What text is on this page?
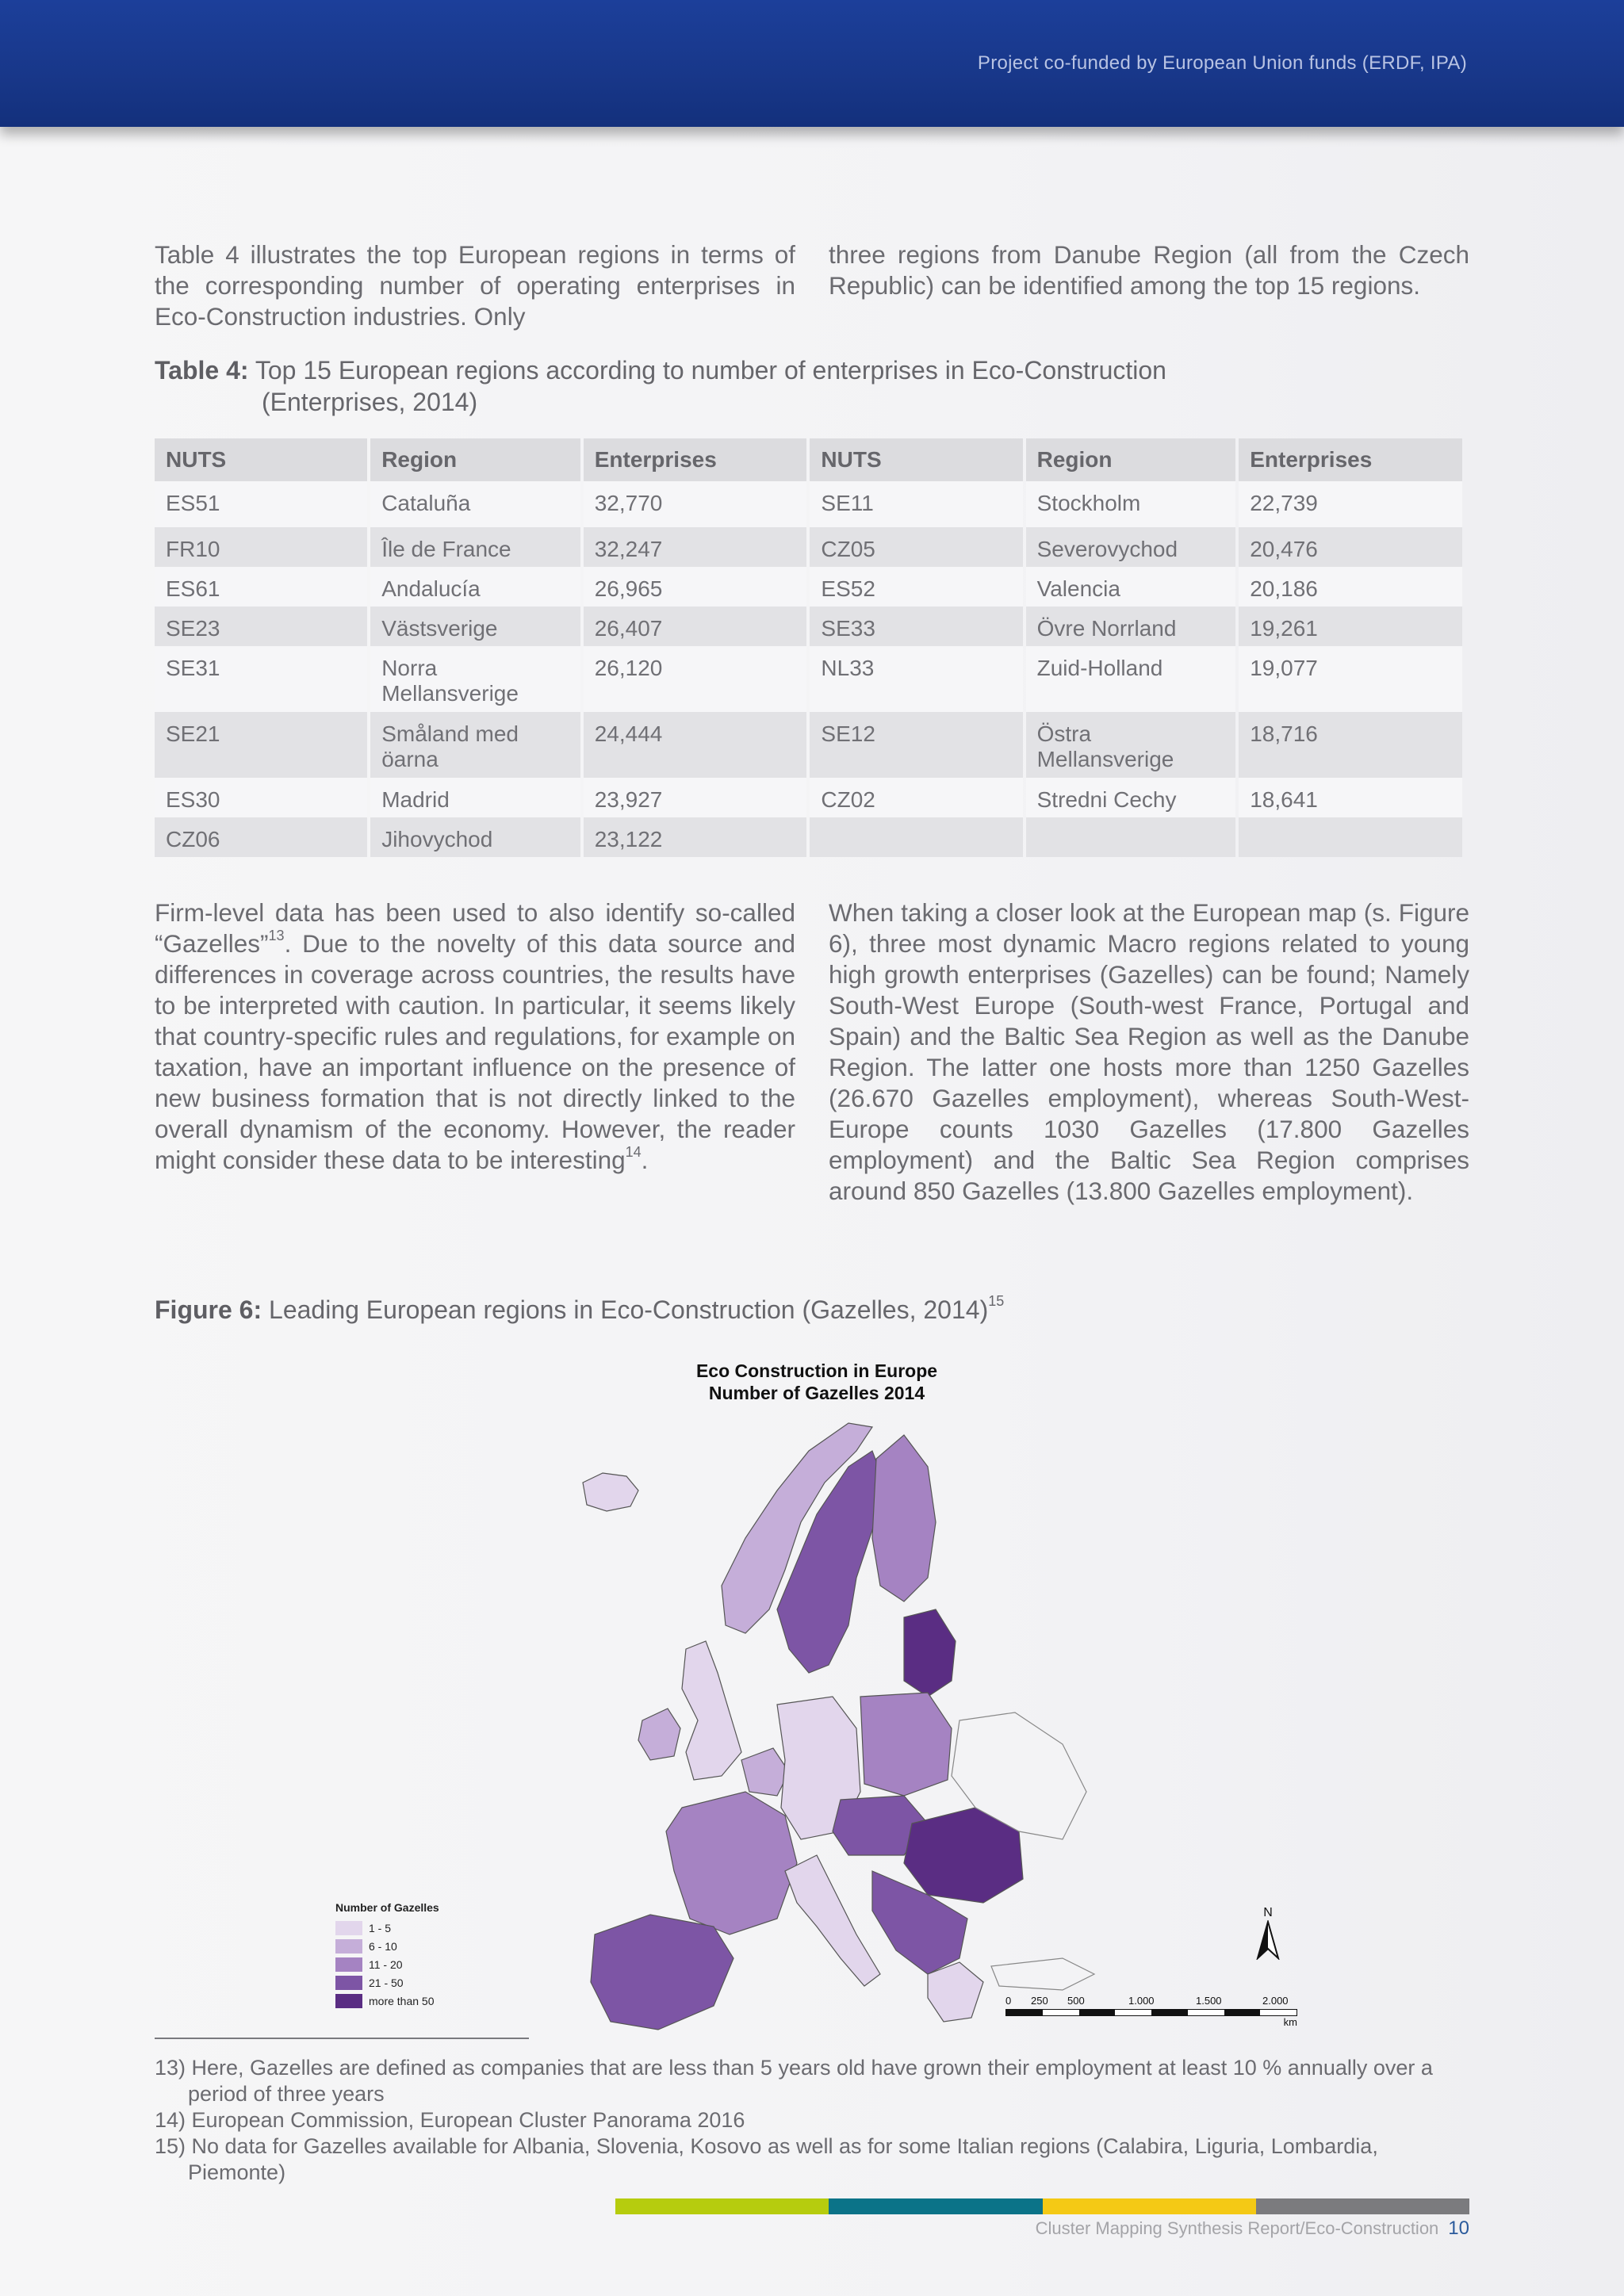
Project co-funded by European Union funds (ERDF, IPA)

Table 4 illustrates the top European regions in terms of the corresponding number of operating enterprises in Eco-Construction industries. Only

three regions from Danube Region (all from the Czech Republic) can be identified among the top 15 regions.

Table 4: Top 15 European regions according to number of enterprises in Eco-Construction
(Enterprises, 2014)
NUTS	Region	Enterprises	NUTS	Region	Enterprises
ES51	Cataluña	32,770	SE11	Stockholm	22,739
FR10	Île de France	32,247	CZ05	Severovychod	20,476
ES61	Andalucía	26,965	ES52	Valencia	20,186
SE23	Västsverige	26,407	SE33	Övre Norrland	19,261
SE31	Norra Mellansverige	26,120	NL33	Zuid-Holland	19,077
SE21	Småland med öarna	24,444	SE12	Östra Mellansverige	18,716
ES30	Madrid	23,927	CZ02	Stredni Cechy	18,641
CZ06	Jihovychod	23,122			

Firm-level data has been used to also identify so-called “Gazelles”$^{13}$. Due to the novelty of this data source and differences in coverage across countries, the results have to be interpreted with caution. In particular, it seems likely that country-specific rules and regulations, for example on taxation, have an important influence on the presence of new business formation that is not directly linked to the overall dynamism of the economy. However, the reader might consider these data to be interesting$^{14}$.

When taking a closer look at the European map (s. Figure 6), three most dynamic Macro regions related to young high growth enterprises (Gazelles) can be found; Namely South-West Europe (South-west France, Portugal and Spain) and the Baltic Sea Region as well as the Danube Region. The latter one hosts more than 1250 Gazelles (26.670 Gazelles employment), whereas South-West-Europe counts 1030 Gazelles (17.800 Gazelles employment) and the Baltic Sea Region comprises around 850 Gazelles (13.800 Gazelles employment).

Figure 6: Leading European regions in Eco-Construction (Gazelles, 2014)$^{15}$
Eco Construction in Europe
Number of Gazelles 2014
Number of Gazelles
1 - 5
6 - 10
11 - 20
21 - 50
more than 50
N
0 250 500	1.000	1.500	2.000
km
13) Here, Gazelles are defined as companies that are less than 5 years old have grown their employment at least 10 % annually over a period of three years
14) European Commission, European Cluster Panorama 2016
15) No data for Gazelles available for Albania, Slovenia, Kosovo as well as for some Italian regions (Calabira, Liguria, Lombardia, Piemonte)
Cluster Mapping Synthesis Report/Eco-Construction 10
